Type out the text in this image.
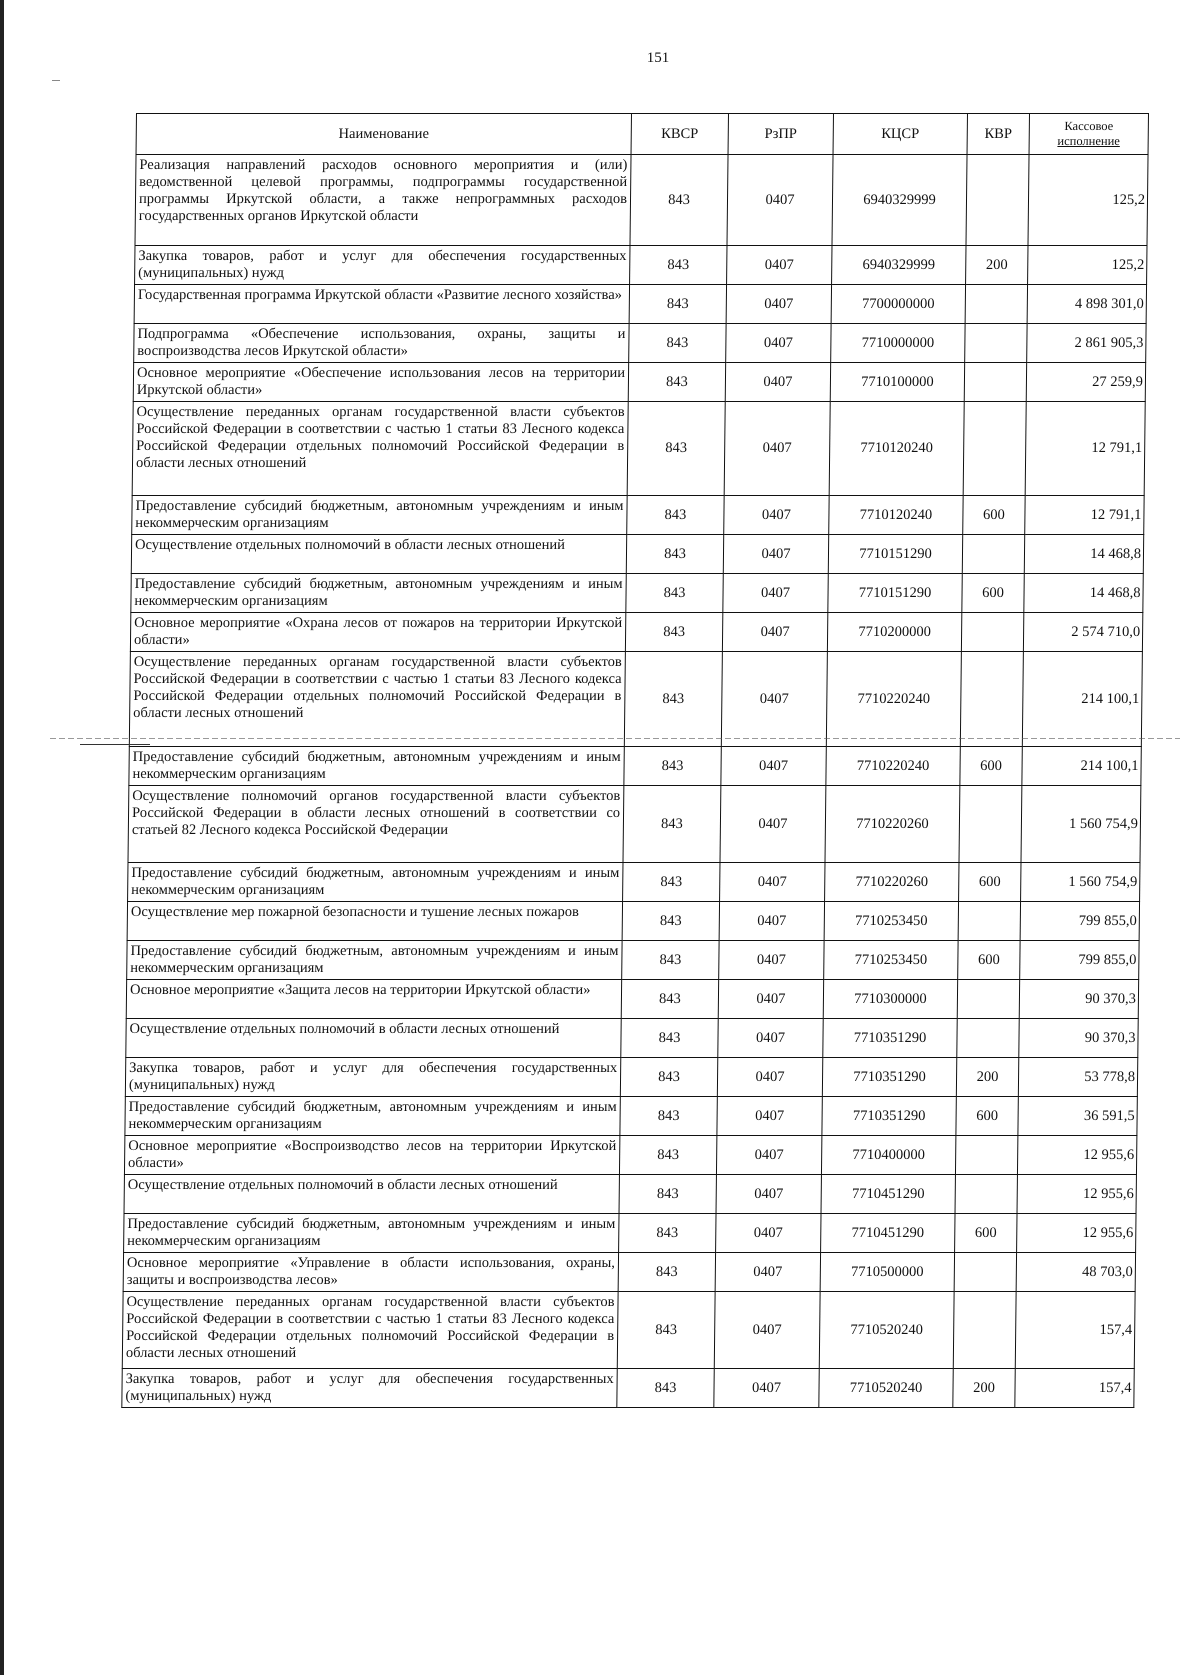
151
Наименование	КВСР	РзПР	КЦСР	КВР	Кассовое
исполнение
Реализация направлений расходов основного мероприятия и (или) ведомственной целевой программы, подпрограммы государственной программы Иркутской области, а также непрограммных расходов государственных органов Иркутской области	843	0407	6940329999		125,2
Закупка товаров, работ и услуг для обеспечения государственных (муниципальных) нужд	843	0407	6940329999	200	125,2
Государственная программа Иркутской области «Развитие лесного хозяйства»	843	0407	7700000000		4 898 301,0
Подпрограмма «Обеспечение использования, охраны, защиты и воспроизводства лесов Иркутской области»	843	0407	7710000000		2 861 905,3
Основное мероприятие «Обеспечение использования лесов на территории Иркутской области»	843	0407	7710100000		27 259,9
Осуществление переданных органам государственной власти субъектов Российской Федерации в соответствии с частью 1 статьи 83 Лесного кодекса Российской Федерации отдельных полномочий Российской Федерации в области лесных отношений	843	0407	7710120240		12 791,1
Предоставление субсидий бюджетным, автономным учреждениям и иным некоммерческим организациям	843	0407	7710120240	600	12 791,1
Осуществление отдельных полномочий в области лесных отношений	843	0407	7710151290		14 468,8
Предоставление субсидий бюджетным, автономным учреждениям и иным некоммерческим организациям	843	0407	7710151290	600	14 468,8
Основное мероприятие «Охрана лесов от пожаров на территории Иркутской области»	843	0407	7710200000		2 574 710,0
Осуществление переданных органам государственной власти субъектов Российской Федерации в соответствии с частью 1 статьи 83 Лесного кодекса Российской Федерации отдельных полномочий Российской Федерации в области лесных отношений	843	0407	7710220240		214 100,1
Предоставление субсидий бюджетным, автономным учреждениям и иным некоммерческим организациям	843	0407	7710220240	600	214 100,1
Осуществление полномочий органов государственной власти субъектов Российской Федерации в области лесных отношений в соответствии со статьей 82 Лесного кодекса Российской Федерации	843	0407	7710220260		1 560 754,9
Предоставление субсидий бюджетным, автономным учреждениям и иным некоммерческим организациям	843	0407	7710220260	600	1 560 754,9
Осуществление мер пожарной безопасности и тушение лесных пожаров	843	0407	7710253450		799 855,0
Предоставление субсидий бюджетным, автономным учреждениям и иным некоммерческим организациям	843	0407	7710253450	600	799 855,0
Основное мероприятие «Защита лесов на территории Иркутской области»	843	0407	7710300000		90 370,3
Осуществление отдельных полномочий в области лесных отношений	843	0407	7710351290		90 370,3
Закупка товаров, работ и услуг для обеспечения государственных (муниципальных) нужд	843	0407	7710351290	200	53 778,8
Предоставление субсидий бюджетным, автономным учреждениям и иным некоммерческим организациям	843	0407	7710351290	600	36 591,5
Основное мероприятие «Воспроизводство лесов на территории Иркутской области»	843	0407	7710400000		12 955,6
Осуществление отдельных полномочий в области лесных отношений	843	0407	7710451290		12 955,6
Предоставление субсидий бюджетным, автономным учреждениям и иным некоммерческим организациям	843	0407	7710451290	600	12 955,6
Основное мероприятие «Управление в области использования, охраны, защиты и воспроизводства лесов»	843	0407	7710500000		48 703,0
Осуществление переданных органам государственной власти субъектов Российской Федерации в соответствии с частью 1 статьи 83 Лесного кодекса Российской Федерации отдельных полномочий Российской Федерации в области лесных отношений	843	0407	7710520240		157,4
Закупка товаров, работ и услуг для обеспечения государственных (муниципальных) нужд	843	0407	7710520240	200	157,4
